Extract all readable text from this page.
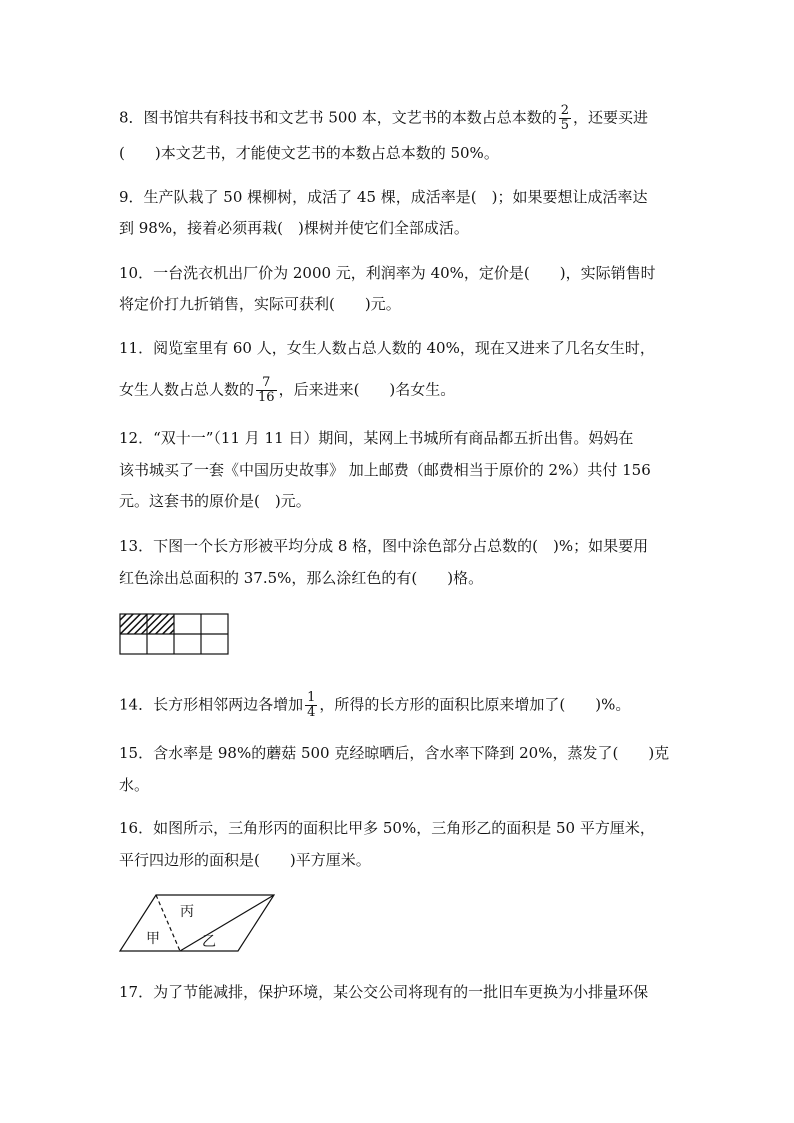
8．图书馆共有科技书和文艺书 500 本，文艺书的本数占总本数的 $\frac{2}{5}$ ，还要买进
(　　)本文艺书，才能使文艺书的本数占总本数的 50%。
9．生产队栽了 50 棵柳树，成活了 45 棵，成活率是(　)；如果要想让成活率达
到 98%，接着必须再栽(　)棵树并使它们全部成活。
10．一台洗衣机出厂价为 2000 元，利润率为 40%，定价是(　　)，实际销售时
将定价打九折销售，实际可获利(　　)元。
11．阅览室里有 60 人，女生人数占总人数的 40%，现在又进来了几名女生时，
女生人数占总人数的 $\frac{7}{16}$ ，后来进来(　　)名女生。
12．“双十一”（11 月 11 日）期间，某网上书城所有商品都五折出售。妈妈在
该书城买了一套《中国历史故事》 加上邮费（邮费相当于原价的 2%）共付 156
元。这套书的原价是(　)元。
13．下图一个长方形被平均分成 8 格，图中涂色部分占总数的(　)%；如果要用
红色涂出总面积的 37.5%，那么涂红色的有(　　)格。
14．长方形相邻两边各增加 $\frac{1}{4}$ ，所得的长方形的面积比原来增加了(　　)%。
15．含水率是 98%的蘑菇 500 克经晾晒后，含水率下降到 20%，蒸发了(　　)克
水。
16．如图所示，三角形丙的面积比甲多 50%，三角形乙的面积是 50 平方厘米，
平行四边形的面积是(　　)平方厘米。
丙
甲	乙
17．为了节能减排，保护环境，某公交公司将现有的一批旧车更换为小排量环保
